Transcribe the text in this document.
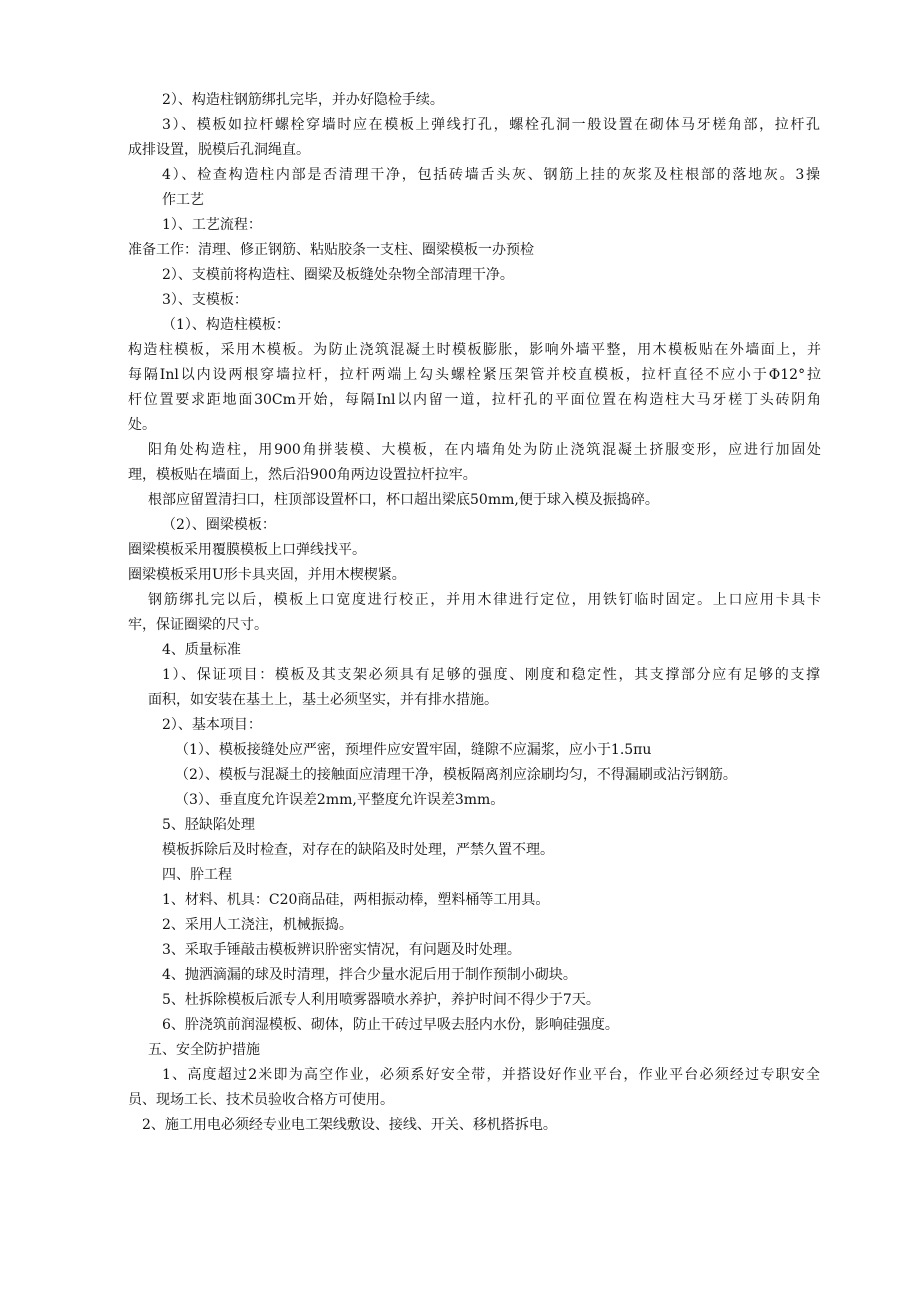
2）、构造柱钢筋绑扎完毕，并办好隐检手续。
3）、模板如拉杆螺栓穿墙时应在模板上弹线打孔，螺栓孔洞一般设置在砌体马牙槎角部，拉杆孔
成排设置，脱模后孔洞绳直。
4）、检查构造柱内部是否清理干净，包括砖墙舌头灰、钢筋上挂的灰浆及柱根部的落地灰。3操
作工艺
1）、工艺流程：
准备工作：清理、修正钢筋、粘贴胶条一支柱、圈梁模板一办预检
2）、支模前将构造柱、圈梁及板缝处杂物全部清理干净。
3）、支模板：
（1）、构造柱模板：
构造柱模板，采用木模板。为防止浇筑混凝土时模板膨胀，影响外墙平整，用木模板贴在外墙面上，并
每隔Inl以内设两根穿墙拉杆，拉杆两端上勾头螺栓紧压架管并校直模板，拉杆直径不应小于Φ12°拉
杆位置要求距地面30Cm开始，每隔Inl以内留一道，拉杆孔的平面位置在构造柱大马牙槎丁头砖阴角
处。
阳角处构造柱，用900角拼装模、大模板，在内墙角处为防止浇筑混凝土挤服变形，应进行加固处
理，模板贴在墙面上，然后沿900角两边设置拉杆拉牢。
根部应留置清扫口，柱顶部设置杯口，杯口超出梁底50mm,便于球入模及振捣碎。
（2）、圈梁模板：
圈梁模板采用覆膜模板上口弹线找平。
圈梁模板采用U形卡具夹固，并用木楔楔紧。
钢筋绑扎完以后，模板上口宽度进行校正，并用木律进行定位，用铁钉临时固定。上口应用卡具卡
牢，保证圈梁的尺寸。
4、质量标准
1）、保证项目：模板及其支架必须具有足够的强度、刚度和稳定性，其支撑部分应有足够的支撑
面积，如安装在基土上，基土必须坚实，并有排水措施。
2）、基本项目：
（1）、模板接缝处应严密，预埋件应安置牢固，缝隙不应漏浆，应小于1.5πu
（2）、模板与混凝土的接触面应清理干净，模板隔离剂应涂刷均匀，不得漏刷或沾污钢筋。
（3）、垂直度允许误差2mm,平整度允许误差3mm。
5、胫缺陷处理
模板拆除后及时检查，对存在的缺陷及时处理，严禁久置不理。
四、肸工程
1、材料、机具：C20商品硅，两相振动棒，塑料桶等工用具。
2、采用人工浇注，机械振捣。
3、采取手锤敲击模板辨识肸密实情况，有问题及时处理。
4、抛洒滴漏的球及时清理，拌合少量水泥后用于制作预制小砌块。
5、杜拆除模板后派专人利用喷雾器喷水养护，养护时间不得少于7天。
6、肸浇筑前润湿模板、砌体，防止干砖过早吸去胫内水份，影响硅强度。
五、安全防护措施
1、高度超过2米即为高空作业，必须系好安全带，并搭设好作业平台，作业平台必须经过专职安全
员、现场工长、技术员验收合格方可使用。
2、施工用电必须经专业电工架线敷设、接线、开关、移机搭拆电。
